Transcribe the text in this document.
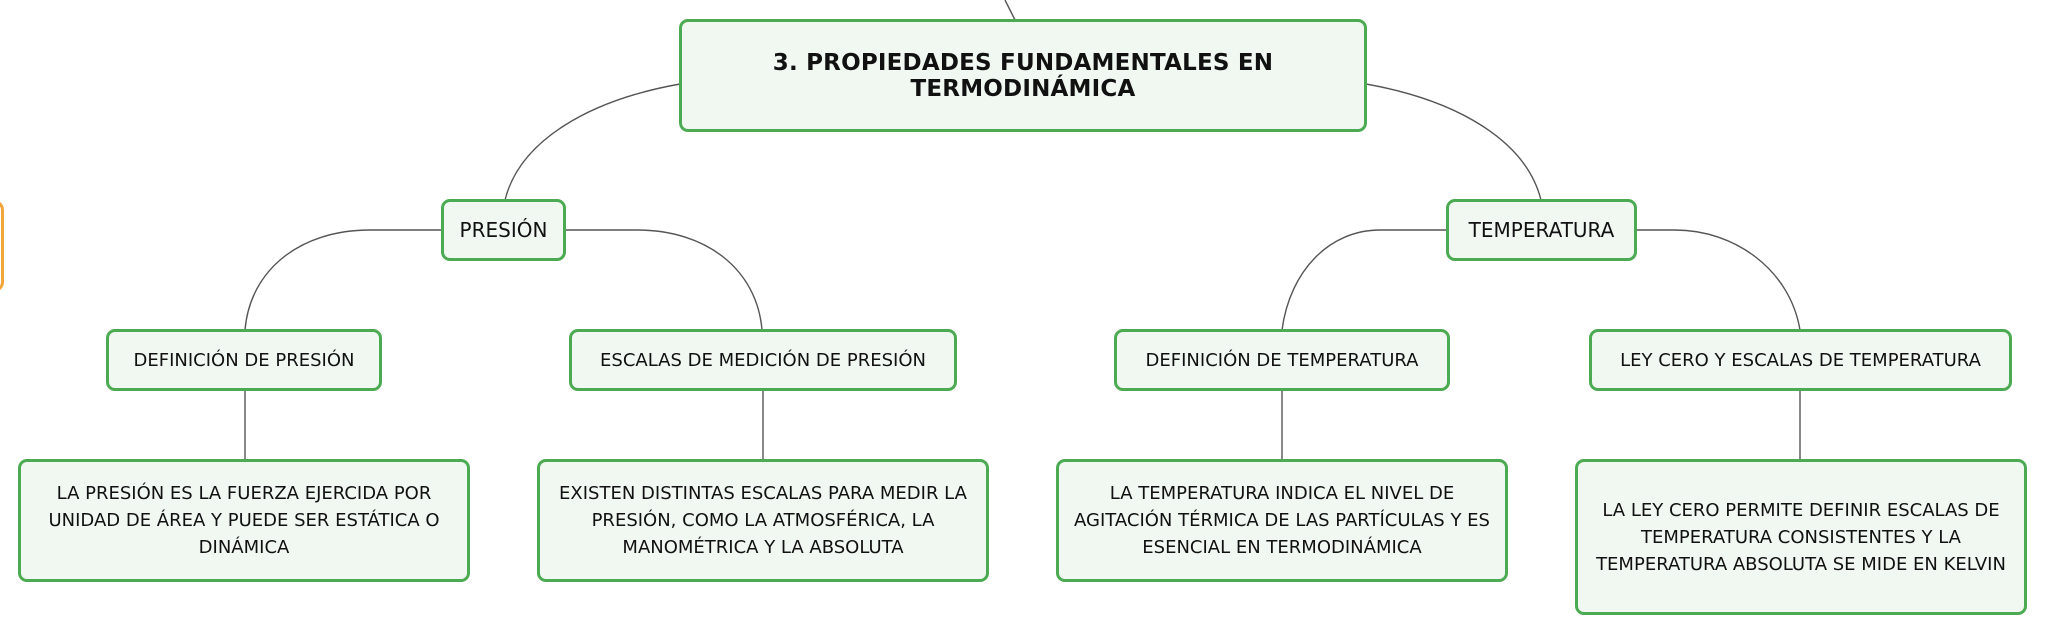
3. PROPIEDADES FUNDAMENTALES EN TERMODINÁMICA
PRESIÓN	TEMPERATURA
DEFINICIÓN DE PRESIÓN	ESCALAS DE MEDICIÓN DE PRESIÓN	DEFINICIÓN DE TEMPERATURA	LEY CERO Y ESCALAS DE TEMPERATURA
LA PRESIÓN ES LA FUERZA EJERCIDA POR UNIDAD DE ÁREA Y PUEDE SER ESTÁTICA O DINÁMICA
EXISTEN DISTINTAS ESCALAS PARA MEDIR LA PRESIÓN, COMO LA ATMOSFÉRICA, LA MANOMÉTRICA Y LA ABSOLUTA
LA TEMPERATURA INDICA EL NIVEL DE AGITACIÓN TÉRMICA DE LAS PARTÍCULAS Y ES ESENCIAL EN TERMODINÁMICA
LA LEY CERO PERMITE DEFINIR ESCALAS DE TEMPERATURA CONSISTENTES Y LA TEMPERATURA ABSOLUTA SE MIDE EN KELVIN
